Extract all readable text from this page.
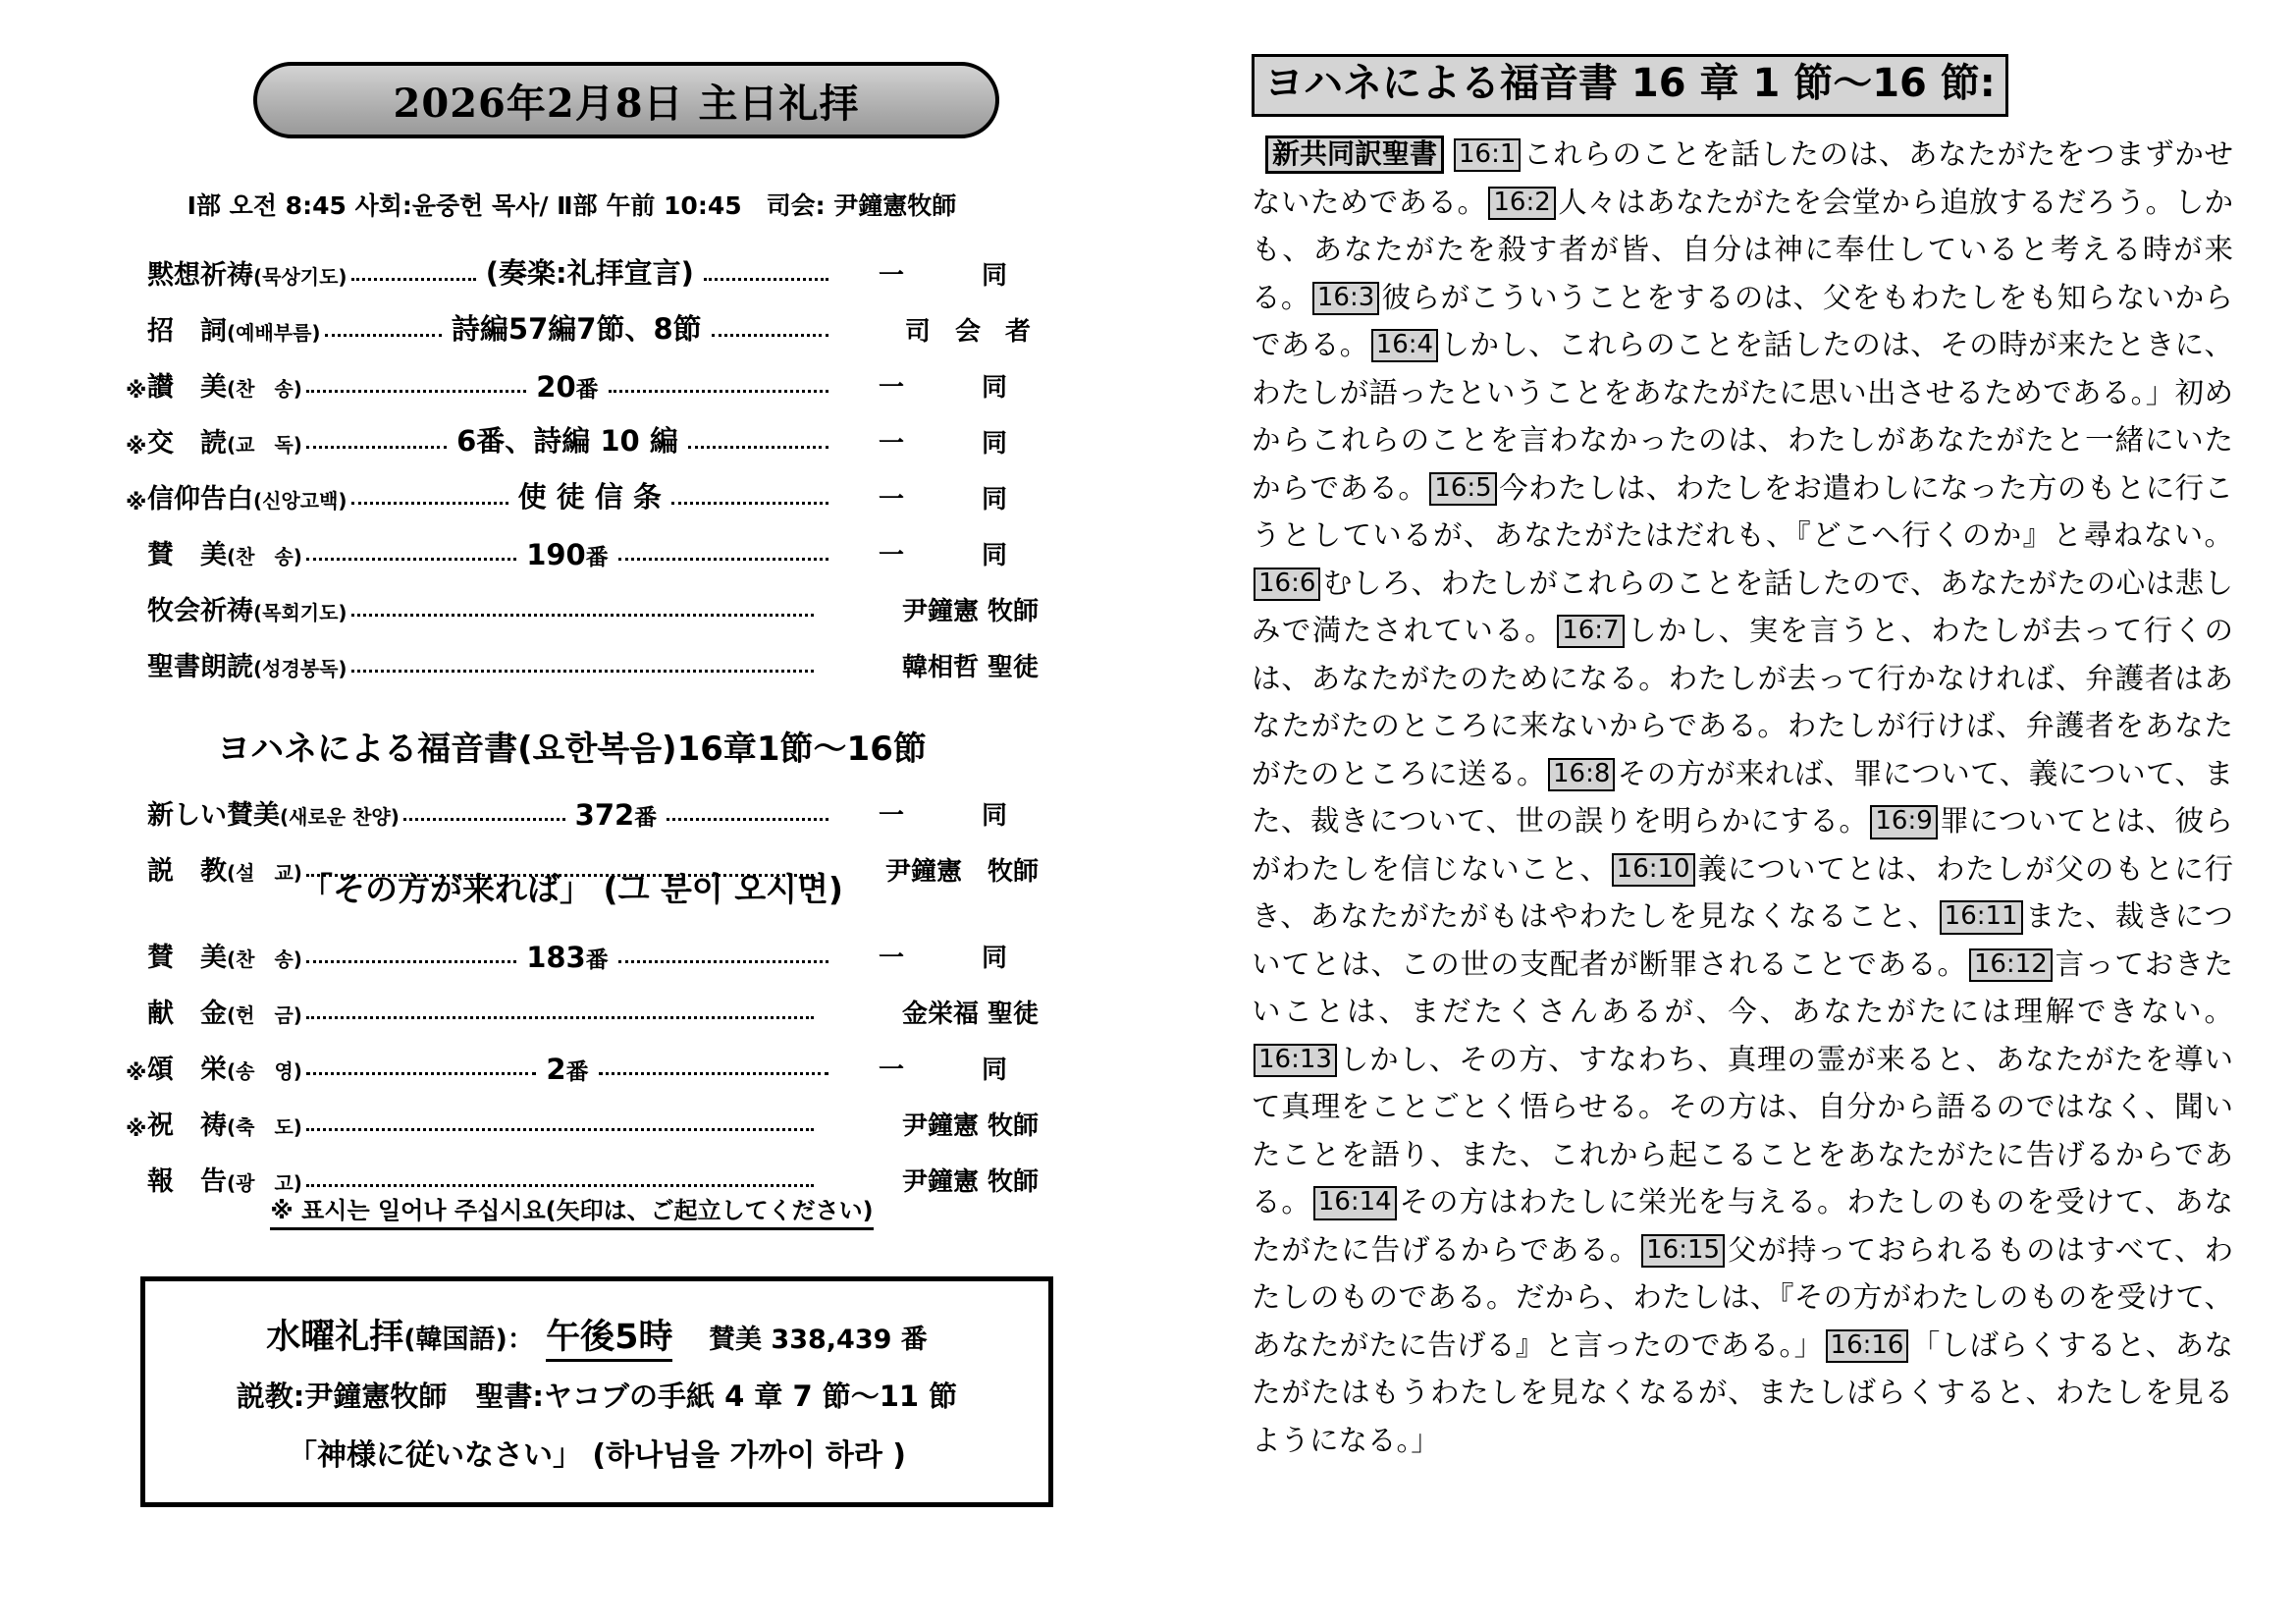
2026年2月8日 主日礼拝
Ⅰ部 오전 8:45 사회:윤중헌 목사/ Ⅱ部 午前 10:45　司会: 尹鐘憲牧師
黙想祈祷(묵상기도)	(奏楽:礼拝宣言)	一	同
招　詞(예배부름)	詩編57編7節、8節	司 会 者
※ 讃　美(찬　송)	20番	一	同
※ 交　読(교　독)	6番、詩編 10 編	一	同
※ 信仰告白(신앙고백)	使 徒 信 条	一	同
賛　美(찬　송)	190番	一	同
牧会祈祷(목회기도)	尹鐘憲 牧師
聖書朗読(성경봉독)	韓相哲 聖徒
ヨハネによる福音書(요한복음)16章1節～16節
新しい賛美(새로운 찬양)	372番	一	同
説　教(설　교)	尹鐘憲　牧師
「その方が来れば」 (그 분이 오시면)
賛　美(찬　송)	183番	一	同
献　金(헌　금)	金栄福 聖徒
※ 頌　栄(송　영)	2番	一	同
※ 祝　祷(축　도)	尹鐘憲 牧師
報　告(광　고)	尹鐘憲 牧師
※ 표시는 일어나 주십시요(矢印は、ご起立してください)
水曜礼拝(韓国語)： 午後5時 賛美 338,439 番
説教:尹鐘憲牧師　聖書:ヤコブの手紙 4 章 7 節～11 節
「神様に従いなさい」 (하나님을 가까이 하라 )
ヨハネによる福音書 16 章 1 節～16 節:
新共同訳聖書 16:1 これらのことを話したのは、あなたがたをつまずかせないためである。 16:2 人々はあなたがたを会堂から追放するだろう。しかも、あなたがたを殺す者が皆、自分は神に奉仕していると考える時が来る。 16:3 彼らがこういうことをするのは、父をもわたしをも知らないからである。 16:4 しかし、これらのことを話したのは、その時が来たときに、わたしが語ったということをあなたがたに思い出させるためである。」初めからこれらのことを言わなかったのは、わたしがあなたがたと一緒にいたからである。 16:5 今わたしは、わたしをお遣わしになった方のもとに行こうとしているが、あなたがたはだれも、『どこへ行くのか』と尋ねない。16:6 むしろ、わたしがこれらのことを話したので、あなたがたの心は悲しみで満たされている。 16:7 しかし、実を言うと、わたしが去って行くのは、あなたがたのためになる。わたしが去って行かなければ、弁護者はあなたがたのところに来ないからである。わたしが行けば、弁護者をあなたがたのところに送る。 16:8 その方が来れば、罪について、義について、また、裁きについて、世の誤りを明らかにする。 16:9 罪についてとは、彼らがわたしを信じないこと、 16:10 義についてとは、わたしが父のもとに行き、あなたがたがもはやわたしを見なくなること、 16:11 また、裁きについてとは、この世の支配者が断罪されることである。 16:12 言っておきたいことは、まだたくさんあるが、今、あなたがたには理解できない。16:13 しかし、その方、すなわち、真理の霊が来ると、あなたがたを導いて真理をことごとく悟らせる。その方は、自分から語るのではなく、聞いたことを語り、また、これから起こることをあなたがたに告げるからである。 16:14 その方はわたしに栄光を与える。わたしのものを受けて、あなたがたに告げるからである。 16:15 父が持っておられるものはすべて、わたしのものである。だから、わたしは、『その方がわたしのものを受けて、あなたがたに告げる』と言ったのである。」 16:16 「しばらくすると、あなたがたはもうわたしを見なくなるが、またしばらくすると、わたしを見るようになる。」
